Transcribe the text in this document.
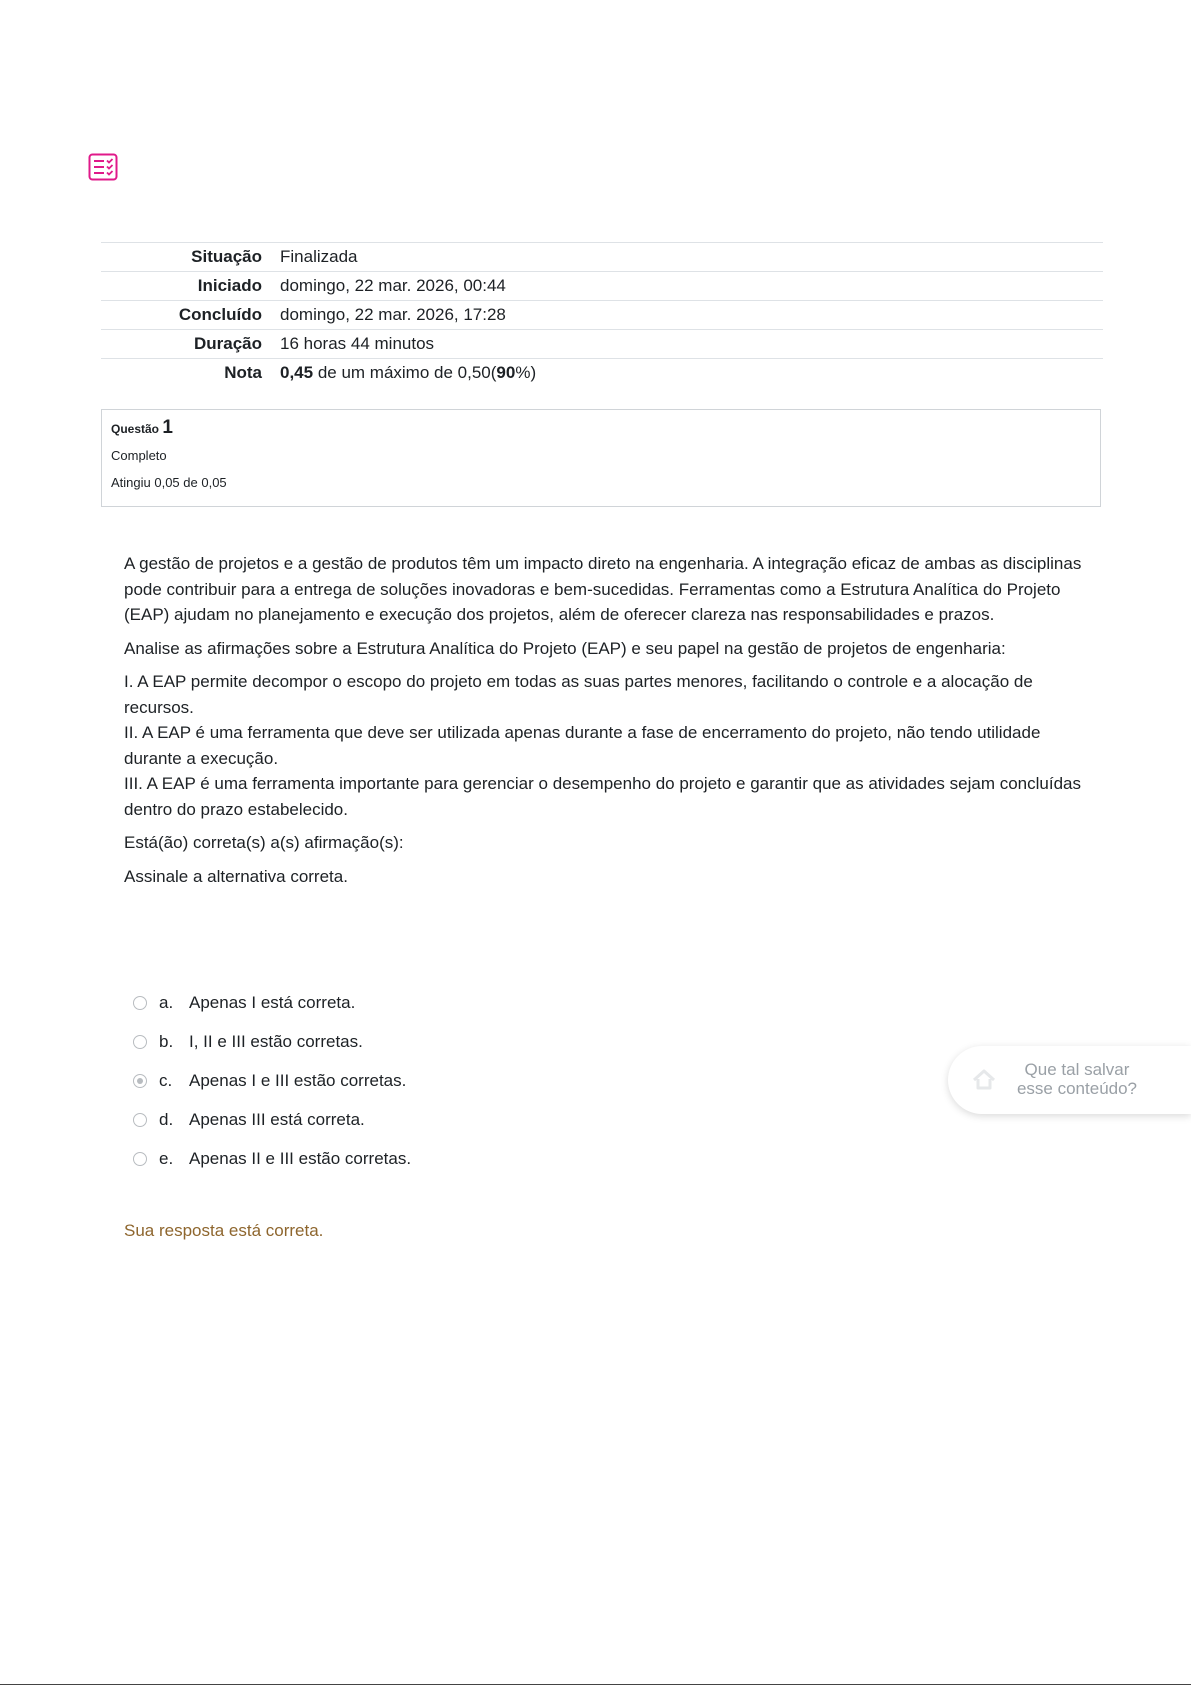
Situação	Finalizada
Iniciado	domingo, 22 mar. 2026, 00:44
Concluído	domingo, 22 mar. 2026, 17:28
Duração	16 horas 44 minutos
Nota	0,45 de um máximo de 0,50(90%)
Questão 1
Completo
Atingiu 0,05 de 0,05

A gestão de projetos e a gestão de produtos têm um impacto direto na engenharia. A integração eficaz de ambas as disciplinas pode contribuir para a entrega de soluções inovadoras e bem-sucedidas. Ferramentas como a Estrutura Analítica do Projeto (EAP) ajudam no planejamento e execução dos projetos, além de oferecer clareza nas responsabilidades e prazos.

Analise as afirmações sobre a Estrutura Analítica do Projeto (EAP) e seu papel na gestão de projetos de engenharia:

I. A EAP permite decompor o escopo do projeto em todas as suas partes menores, facilitando o controle e a alocação de recursos.
II. A EAP é uma ferramenta que deve ser utilizada apenas durante a fase de encerramento do projeto, não tendo utilidade durante a execução.
III. A EAP é uma ferramenta importante para gerenciar o desempenho do projeto e garantir que as atividades sejam concluídas dentro do prazo estabelecido.

Está(ão) correta(s) a(s) afirmação(s):

Assinale a alternativa correta.

a. Apenas I está correta.
b. I, II e III estão corretas.
c. Apenas I e III estão corretas.
d. Apenas III está correta.
e. Apenas II e III estão corretas.
Sua resposta está correta.
Que tal salvar
esse conteúdo?
